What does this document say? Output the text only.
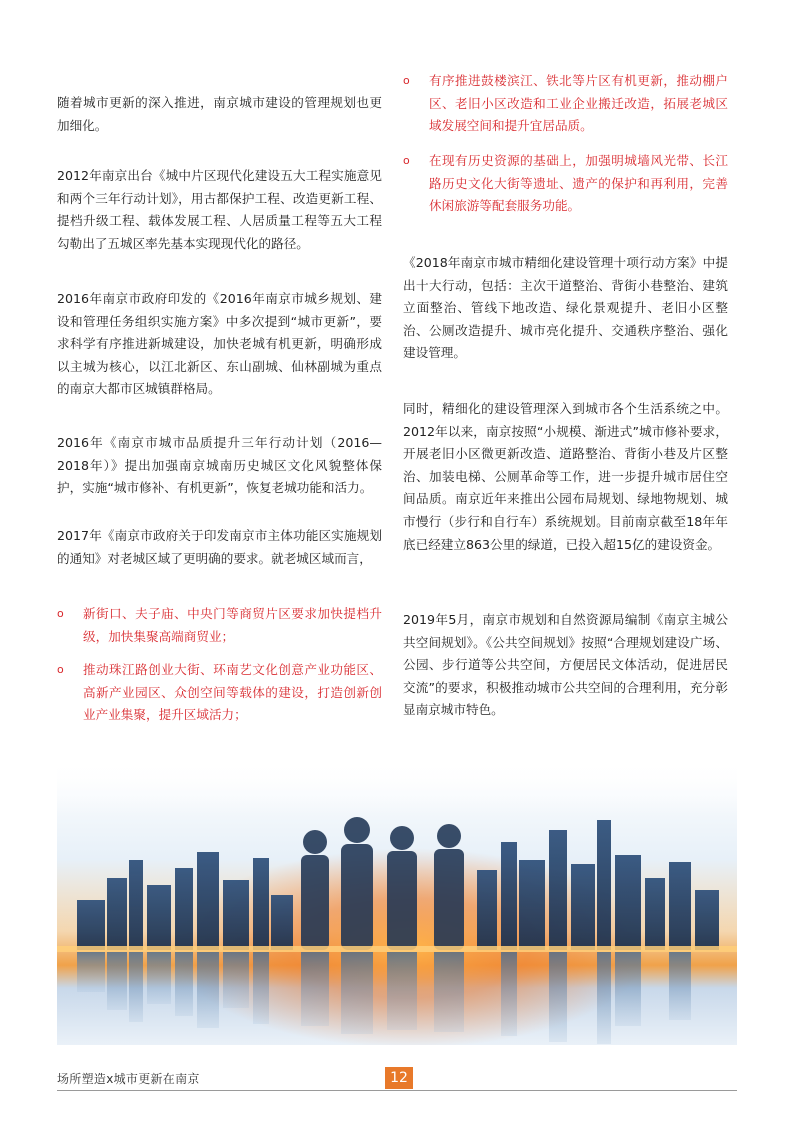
随着城市更新的深入推进，南京城市建设的管理规划也更加细化。

2012年南京出台《城中片区现代化建设五大工程实施意见和两个三年行动计划》，用古都保护工程、改造更新工程、提档升级工程、载体发展工程、人居质量工程等五大工程勾勒出了五城区率先基本实现现代化的路径。

2016年南京市政府印发的《2016年南京市城乡规划、建设和管理任务组织实施方案》中多次提到“城市更新”，要求科学有序推进新城建设，加快老城有机更新，明确形成以主城为核心，以江北新区、东山副城、仙林副城为重点的南京大都市区城镇群格局。

2016年《南京市城市品质提升三年行动计划（2016—2018年）》提出加强南京城南历史城区文化风貌整体保护，实施“城市修补、有机更新”，恢复老城功能和活力。

2017年《南京市政府关于印发南京市主体功能区实施规划的通知》对老城区域了更明确的要求。就老城区域而言，

o	新街口、夫子庙、中央门等商贸片区要求加快提档升级，加快集聚高端商贸业；
o	推动珠江路创业大街、环南艺文化创意产业功能区、高新产业园区、众创空间等载体的建设，打造创新创业产业集聚，提升区域活力；
o	有序推进鼓楼滨江、铁北等片区有机更新，推动棚户区、老旧小区改造和工业企业搬迁改造，拓展老城区域发展空间和提升宜居品质。
o	在现有历史资源的基础上，加强明城墙风光带、长江路历史文化大街等遗址、遗产的保护和再利用，完善休闲旅游等配套服务功能。

《2018年南京市城市精细化建设管理十项行动方案》中提出十大行动，包括：主次干道整治、背街小巷整治、建筑立面整治、管线下地改造、绿化景观提升、老旧小区整治、公厕改造提升、城市亮化提升、交通秩序整治、强化建设管理。

同时，精细化的建设管理深入到城市各个生活系统之中。2012年以来，南京按照“小规模、渐进式”城市修补要求，开展老旧小区微更新改造、道路整治、背街小巷及片区整治、加装电梯、公厕革命等工作，进一步提升城市居住空间品质。南京近年来推出公园布局规划、绿地物规划、城市慢行（步行和自行车）系统规划。目前南京截至18年年底已经建立863公里的绿道，已投入超15亿的建设资金。

2019年5月，南京市规划和自然资源局编制《南京主城公共空间规划》。《公共空间规划》按照“合理规划建设广场、公园、步行道等公共空间，方便居民文体活动，促进居民交流”的要求，积极推动城市公共空间的合理利用，充分彰显南京城市特色。

场所塑造x城市更新在南京	12
